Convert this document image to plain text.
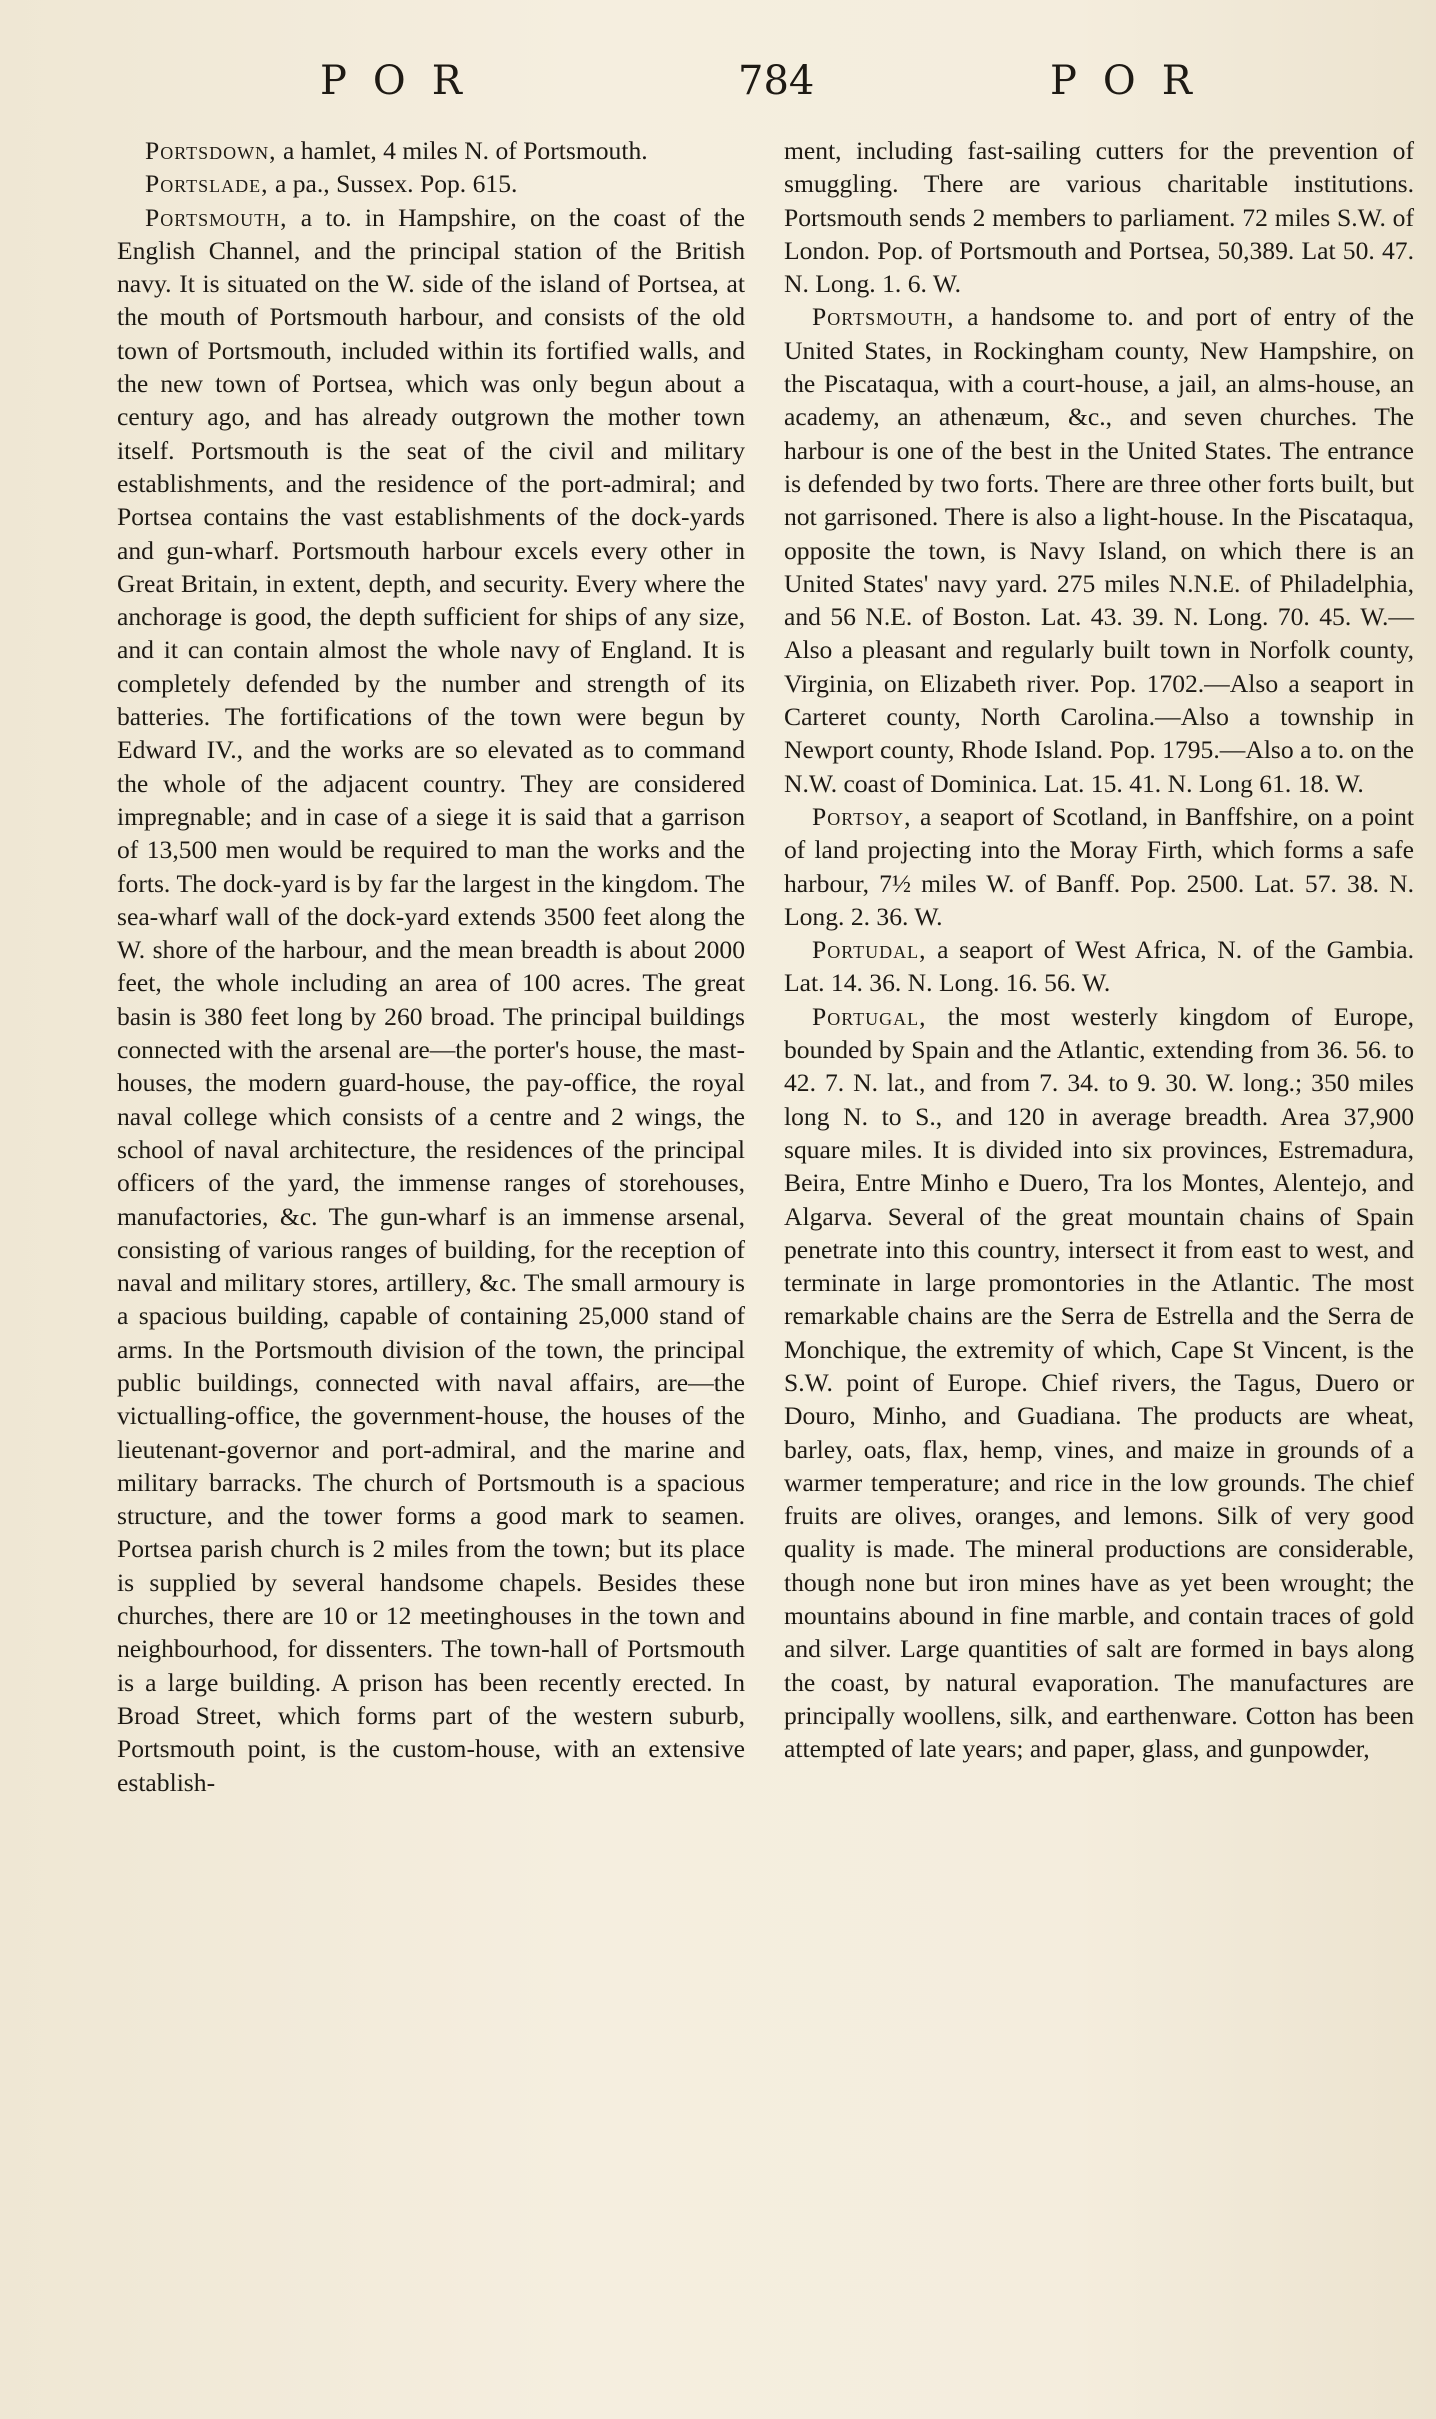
POR	784	POR

Portsdown, a hamlet, 4 miles N. of Portsmouth.

Portslade, a pa., Sussex. Pop. 615.

Portsmouth, a to. in Hampshire, on the coast of the English Channel, and the principal station of the British navy. It is situated on the W. side of the island of Portsea, at the mouth of Portsmouth harbour, and consists of the old town of Portsmouth, included within its fortified walls, and the new town of Portsea, which was only begun about a century ago, and has already outgrown the mother town itself. Portsmouth is the seat of the civil and military establishments, and the residence of the port-admiral; and Portsea contains the vast establishments of the dock-yards and gun-wharf. Portsmouth harbour excels every other in Great Britain, in extent, depth, and security. Every where the anchorage is good, the depth sufficient for ships of any size, and it can contain almost the whole navy of England. It is completely defended by the number and strength of its batteries. The fortifications of the town were begun by Edward IV., and the works are so elevated as to command the whole of the adjacent country. They are considered impregnable; and in case of a siege it is said that a garrison of 13,500 men would be required to man the works and the forts. The dock-yard is by far the largest in the kingdom. The sea-wharf wall of the dock-yard extends 3500 feet along the W. shore of the harbour, and the mean breadth is about 2000 feet, the whole including an area of 100 acres. The great basin is 380 feet long by 260 broad. The principal buildings connected with the arsenal are—the porter's house, the mast-houses, the modern guard-house, the pay-office, the royal naval college which consists of a centre and 2 wings, the school of naval architecture, the residences of the principal officers of the yard, the immense ranges of storehouses, manufactories, &c. The gun-wharf is an immense arsenal, consisting of various ranges of building, for the reception of naval and military stores, artillery, &c. The small armoury is a spacious building, capable of containing 25,000 stand of arms. In the Portsmouth division of the town, the principal public buildings, connected with naval affairs, are—the victualling-office, the government-house, the houses of the lieutenant-governor and port-admiral, and the marine and military barracks. The church of Portsmouth is a spacious structure, and the tower forms a good mark to seamen. Portsea parish church is 2 miles from the town; but its place is supplied by several handsome chapels. Besides these churches, there are 10 or 12 meetinghouses in the town and neighbourhood, for dissenters. The town-hall of Portsmouth is a large building. A prison has been recently erected. In Broad Street, which forms part of the western suburb, Portsmouth point, is the custom-house, with an extensive establish-

ment, including fast-sailing cutters for the prevention of smuggling. There are various charitable institutions. Portsmouth sends 2 members to parliament. 72 miles S.W. of London. Pop. of Portsmouth and Portsea, 50,389. Lat 50. 47. N. Long. 1. 6. W.

Portsmouth, a handsome to. and port of entry of the United States, in Rockingham county, New Hampshire, on the Piscataqua, with a court-house, a jail, an alms-house, an academy, an athenæum, &c., and seven churches. The harbour is one of the best in the United States. The entrance is defended by two forts. There are three other forts built, but not garrisoned. There is also a light-house. In the Piscataqua, opposite the town, is Navy Island, on which there is an United States' navy yard. 275 miles N.N.E. of Philadelphia, and 56 N.E. of Boston. Lat. 43. 39. N. Long. 70. 45. W.—Also a pleasant and regularly built town in Norfolk county, Virginia, on Elizabeth river. Pop. 1702.—Also a seaport in Carteret county, North Carolina.—Also a township in Newport county, Rhode Island. Pop. 1795.—Also a to. on the N.W. coast of Dominica. Lat. 15. 41. N. Long 61. 18. W.

Portsoy, a seaport of Scotland, in Banffshire, on a point of land projecting into the Moray Firth, which forms a safe harbour, 7½ miles W. of Banff. Pop. 2500. Lat. 57. 38. N. Long. 2. 36. W.

Portudal, a seaport of West Africa, N. of the Gambia. Lat. 14. 36. N. Long. 16. 56. W.

Portugal, the most westerly kingdom of Europe, bounded by Spain and the Atlantic, extending from 36. 56. to 42. 7. N. lat., and from 7. 34. to 9. 30. W. long.; 350 miles long N. to S., and 120 in average breadth. Area 37,900 square miles. It is divided into six provinces, Estremadura, Beira, Entre Minho e Duero, Tra los Montes, Alentejo, and Algarva. Several of the great mountain chains of Spain penetrate into this country, intersect it from east to west, and terminate in large promontories in the Atlantic. The most remarkable chains are the Serra de Estrella and the Serra de Monchique, the extremity of which, Cape St Vincent, is the S.W. point of Europe. Chief rivers, the Tagus, Duero or Douro, Minho, and Guadiana. The products are wheat, barley, oats, flax, hemp, vines, and maize in grounds of a warmer temperature; and rice in the low grounds. The chief fruits are olives, oranges, and lemons. Silk of very good quality is made. The mineral productions are considerable, though none but iron mines have as yet been wrought; the mountains abound in fine marble, and contain traces of gold and silver. Large quantities of salt are formed in bays along the coast, by natural evaporation. The manufactures are principally woollens, silk, and earthenware. Cotton has been attempted of late years; and paper, glass, and gunpowder,
